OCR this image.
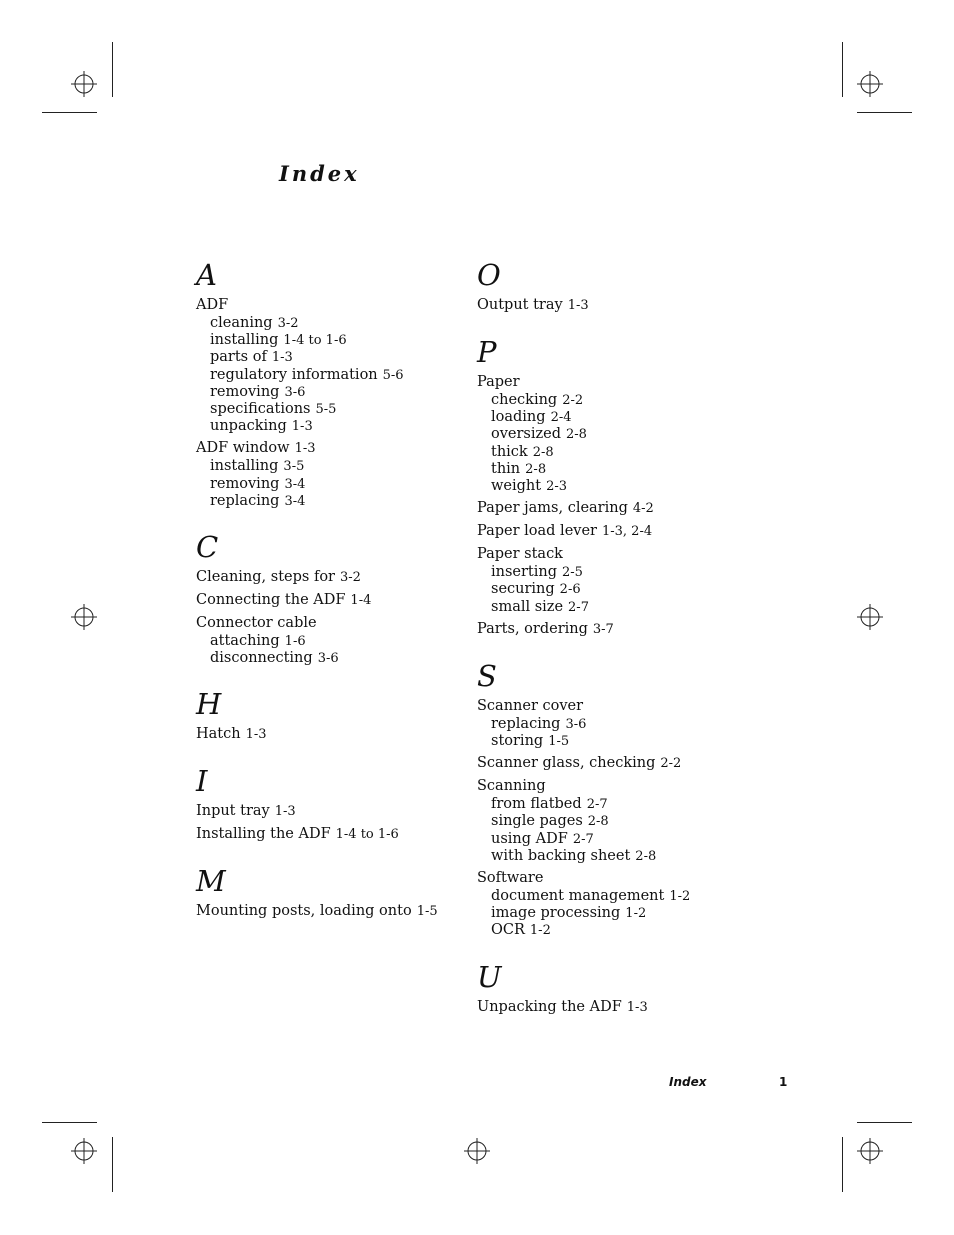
Index
A
ADF
cleaning 3-2
installing 1-4 to 1-6
parts of 1-3
regulatory information 5-6
removing 3-6
specifications 5-5
unpacking 1-3
ADF window 1-3
installing 3-5
removing 3-4
replacing 3-4
C
Cleaning, steps for 3-2
Connecting the ADF 1-4
Connector cable
attaching 1-6
disconnecting 3-6
H
Hatch 1-3
I
Input tray 1-3
Installing the ADF 1-4 to 1-6
M
Mounting posts, loading onto 1-5
O
Output tray 1-3
P
Paper
checking 2-2
loading 2-4
oversized 2-8
thick 2-8
thin 2-8
weight 2-3
Paper jams, clearing 4-2
Paper load lever 1-3, 2-4
Paper stack
inserting 2-5
securing 2-6
small size 2-7
Parts, ordering 3-7
S
Scanner cover
replacing 3-6
storing 1-5
Scanner glass, checking 2-2
Scanning
from flatbed 2-7
single pages 2-8
using ADF 2-7
with backing sheet 2-8
Software
document management 1-2
image processing 1-2
OCR 1-2
U
Unpacking the ADF 1-3
Index	1
